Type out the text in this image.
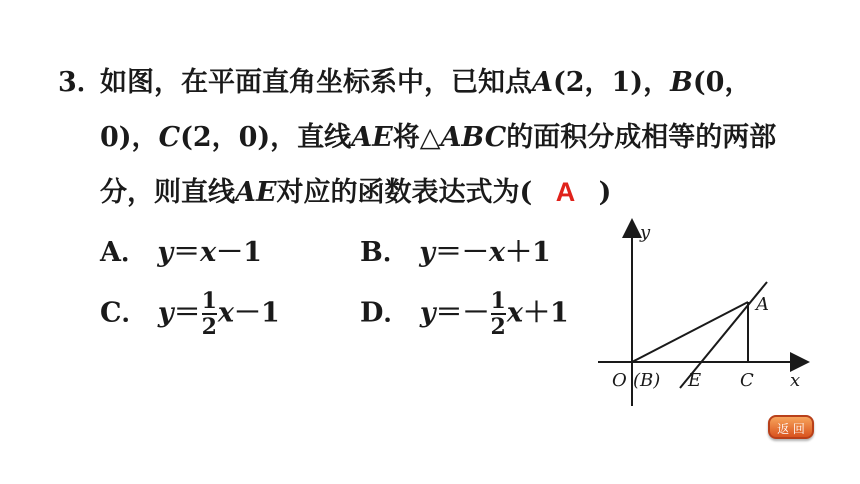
3．
如图，在平面直角坐标系中，已知点A(2，1)，B(0，
0)，C(2，0)，直线AE将△ABC的面积分成相等的两部
分，则直线AE对应的函数表达式为( A )
A． y＝x－1	B． y＝－x＋1
C． $y= \frac{1}{2} x-1$	D． $y=- \frac{1}{2} x+1$
y
x
O (B) E C
A
返 回
